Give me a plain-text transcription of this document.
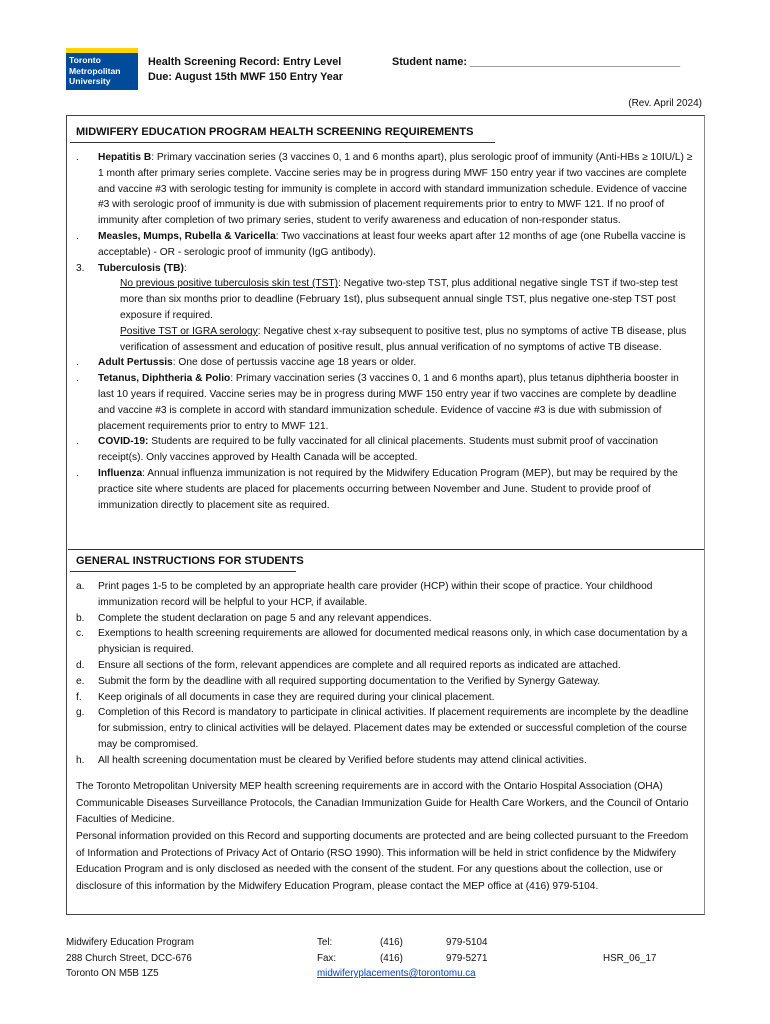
Toronto
Metropolitan
University
Health Screening Record: Entry Level
Due: August 15th MWF 150 Entry Year
Student name: ___________________________________
(Rev. April 2024)
MIDWIFERY EDUCATION PROGRAM HEALTH SCREENING REQUIREMENTS
. Hepatitis B: Primary vaccination series (3 vaccines 0, 1 and 6 months apart), plus serologic proof of immunity (Anti-HBs ≥ 10IU/L) ≥ 1 month after primary series complete. Vaccine series may be in progress during MWF 150 entry year if two vaccines are complete and vaccine #3 with serologic testing for immunity is complete in accord with standard immunization schedule. Evidence of vaccine #3 with serologic proof of immunity is due with submission of placement requirements prior to entry to MWF 121. If no proof of immunity after completion of two primary series, student to verify awareness and education of non-responder status.
. Measles, Mumps, Rubella & Varicella: Two vaccinations at least four weeks apart after 12 months of age (one Rubella vaccine is acceptable) - OR - serologic proof of immunity (IgG antibody).
3. Tuberculosis (TB):
No previous positive tuberculosis skin test (TST): Negative two-step TST, plus additional negative single TST if two-step test more than six months prior to deadline (February 1st), plus subsequent annual single TST, plus negative one-step TST post exposure if required.
Positive TST or IGRA serology: Negative chest x-ray subsequent to positive test, plus no symptoms of active TB disease, plus verification of assessment and education of positive result, plus annual verification of no symptoms of active TB disease.
. Adult Pertussis: One dose of pertussis vaccine age 18 years or older.
. Tetanus, Diphtheria & Polio: Primary vaccination series (3 vaccines 0, 1 and 6 months apart), plus tetanus diphtheria booster in last 10 years if required. Vaccine series may be in progress during MWF 150 entry year if two vaccines are complete by deadline and vaccine #3 is complete in accord with standard immunization schedule. Evidence of vaccine #3 is due with submission of placement requirements prior to entry to MWF 121.
. COVID-19: Students are required to be fully vaccinated for all clinical placements. Students must submit proof of vaccination receipt(s). Only vaccines approved by Health Canada will be accepted.
. Influenza: Annual influenza immunization is not required by the Midwifery Education Program (MEP), but may be required by the practice site where students are placed for placements occurring between November and June. Student to provide proof of immunization directly to placement site as required.
GENERAL INSTRUCTIONS FOR STUDENTS
a. Print pages 1-5 to be completed by an appropriate health care provider (HCP) within their scope of practice. Your childhood immunization record will be helpful to your HCP, if available.
b. Complete the student declaration on page 5 and any relevant appendices.
c. Exemptions to health screening requirements are allowed for documented medical reasons only, in which case documentation by a physician is required.
d. Ensure all sections of the form, relevant appendices are complete and all required reports as indicated are attached.
e. Submit the form by the deadline with all required supporting documentation to the Verified by Synergy Gateway.
f. Keep originals of all documents in case they are required during your clinical placement.
g. Completion of this Record is mandatory to participate in clinical activities. If placement requirements are incomplete by the deadline for submission, entry to clinical activities will be delayed. Placement dates may be extended or successful completion of the course may be compromised.
h. All health screening documentation must be cleared by Verified before students may attend clinical activities.
The Toronto Metropolitan University MEP health screening requirements are in accord with the Ontario Hospital Association (OHA) Communicable Diseases Surveillance Protocols, the Canadian Immunization Guide for Health Care Workers, and the Council of Ontario Faculties of Medicine.
Personal information provided on this Record and supporting documents are protected and are being collected pursuant to the Freedom of Information and Protections of Privacy Act of Ontario (RSO 1990). This information will be held in strict confidence by the Midwifery Education Program and is only disclosed as needed with the consent of the student. For any questions about the collection, use or disclosure of this information by the Midwifery Education Program, please contact the MEP office at (416) 979-5104.
Midwifery Education Program
288 Church Street, DCC-676
Toronto ON M5B 1Z5
Tel:
Fax:
(416)
(416)
979-5104
979-5271
midwiferyplacements@torontomu.ca
HSR_06_17
